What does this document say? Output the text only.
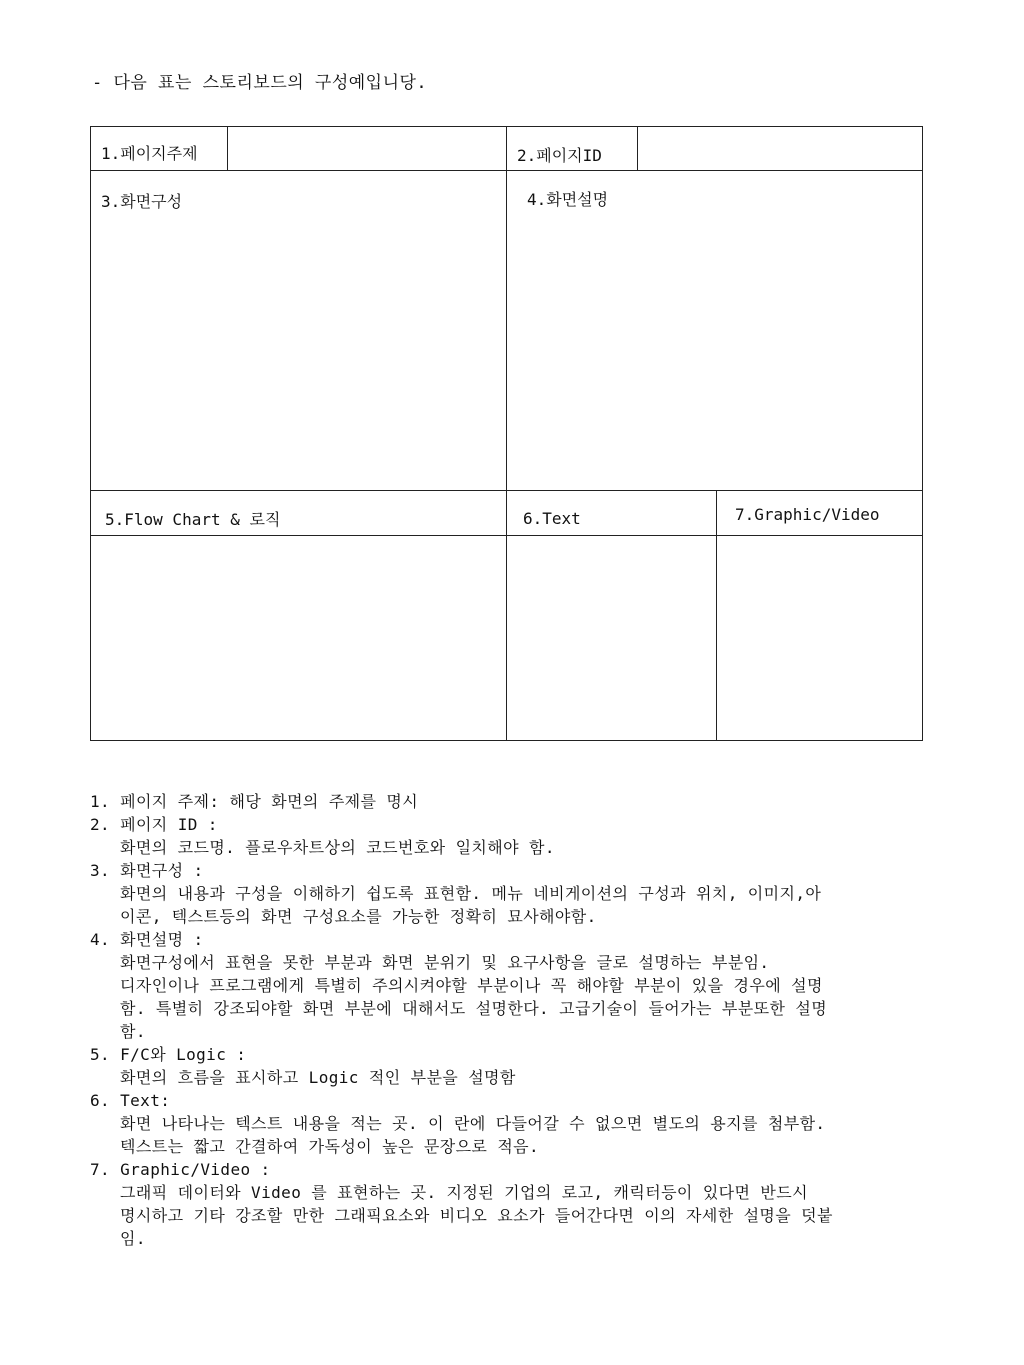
- 다음 표는 스토리보드의 구성예입니당.
1.페이지주제		2.페이지ID		

3.화면구성		4.화면설명		

5.Flow Chart & 로직		6.Text		7.Graphic/Video

1. 페이지 주제: 해당 화면의 주제를 명시
2. 페이지 ID :
화면의 코드명. 플로우차트상의 코드번호와 일치해야 함.
3. 화면구성 :
화면의 내용과 구성을 이해하기 쉽도록 표현함. 메뉴 네비게이션의 구성과 위치, 이미지,아
이콘, 텍스트등의 화면 구성요소를 가능한 정확히 묘사해야함.
4. 화면설명 :
화면구성에서 표현을 못한 부분과 화면 분위기 및 요구사항을 글로 설명하는 부분임.
디자인이나 프로그램에게 특별히 주의시켜야할 부분이나 꼭 해야할 부분이 있을 경우에 설명
함. 특별히 강조되야할 화면 부분에 대해서도 설명한다. 고급기술이 들어가는 부분또한 설명
함.
5. F/C와 Logic :
화면의 흐름을 표시하고 Logic 적인 부분을 설명함
6. Text:
화면 나타나는 텍스트 내용을 적는 곳. 이 란에 다들어갈 수 없으면 별도의 용지를 첨부함.
텍스트는 짧고 간결하여 가독성이 높은 문장으로 적음.
7. Graphic/Video :
그래픽 데이터와 Video 를 표현하는 곳. 지정된 기업의 로고, 캐릭터등이 있다면 반드시
명시하고 기타 강조할 만한 그래픽요소와 비디오 요소가 들어간다면 이의 자세한 설명을 덧붙
임.
